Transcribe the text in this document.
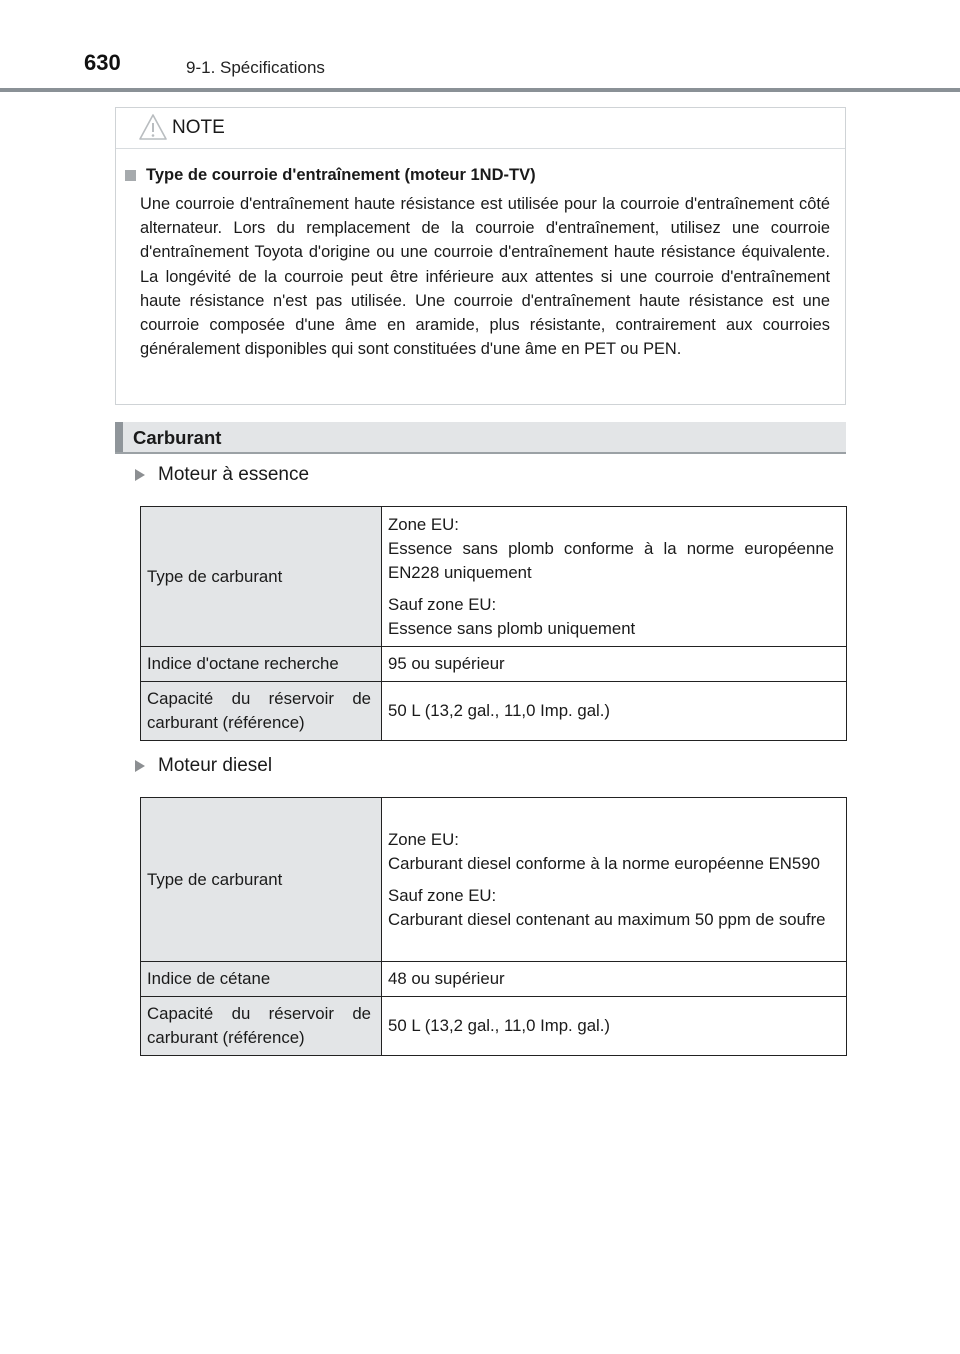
630	9-1. Spécifications
NOTE
Type de courroie d'entraînement (moteur 1ND-TV)
Une courroie d'entraînement haute résistance est utilisée pour la courroie d'entraînement côté alternateur. Lors du remplacement de la courroie d'entraînement, utilisez une courroie d'entraînement Toyota d'origine ou une courroie d'entraînement haute résistance équivalente. La longévité de la courroie peut être inférieure aux attentes si une courroie d'entraînement haute résistance n'est pas utilisée. Une courroie d'entraînement haute résistance est une courroie composée d'une âme en aramide, plus résistante, contrairement aux courroies généralement disponibles qui sont constituées d'une âme en PET ou PEN.
Carburant
Moteur à essence
Type de carburant	Zone EU:
Essence sans plomb conforme à la norme européenne EN228 uniquement
Sauf zone EU:
Essence sans plomb uniquement

Indice d'octane recherche	95 ou supérieur
Capacité du réservoir de carburant (référence)	50 L (13,2 gal., 11,0 Imp. gal.)
Moteur diesel
Type de carburant	Zone EU:
Carburant diesel conforme à la norme européenne EN590
Sauf zone EU:
Carburant diesel contenant au maximum 50 ppm de soufre

Indice de cétane	48 ou supérieur
Capacité du réservoir de carburant (référence)	50 L (13,2 gal., 11,0 Imp. gal.)
